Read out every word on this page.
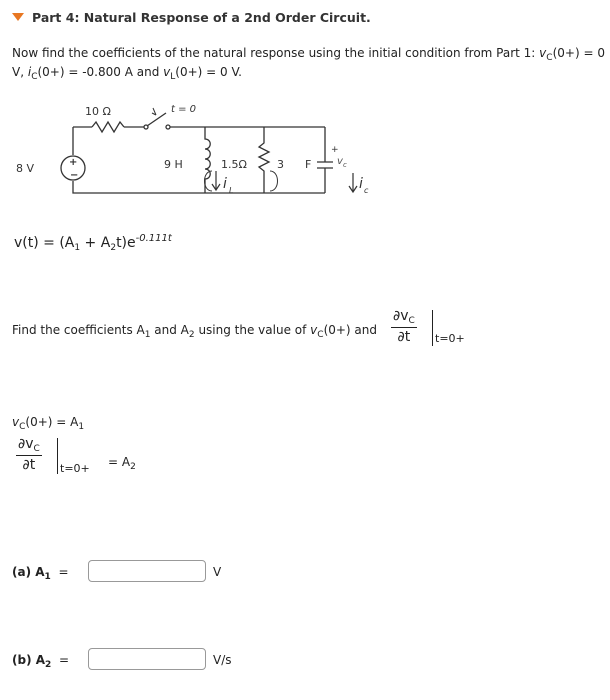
Part 4: Natural Response of a 2nd Order Circuit.
Now find the coefficients of the natural response using the initial condition from Part 1: $v_C(0+) = 0$
V, $i_C(0+) = -0.800$ A and $v_L(0+) = 0$ V.
10 Ω	t = 0
8 V	+
−
9 H	1.5Ω	3 F
+
v c
i L	i c
$v(t) = (A_1 + A_2t)e^{-0.111t}$
Find the coefficients $A_1$ and $A_2$ using the value of $v_C(0+)$ and $\frac{\partial v_C}{\partial t} t=0+$
$v_C(0+) = A_1$
$\frac{\partial v_C}{\partial t} t=0+ = A_2$
(a) $A_1$ =	V
(b) $A_2$ =	V/s
